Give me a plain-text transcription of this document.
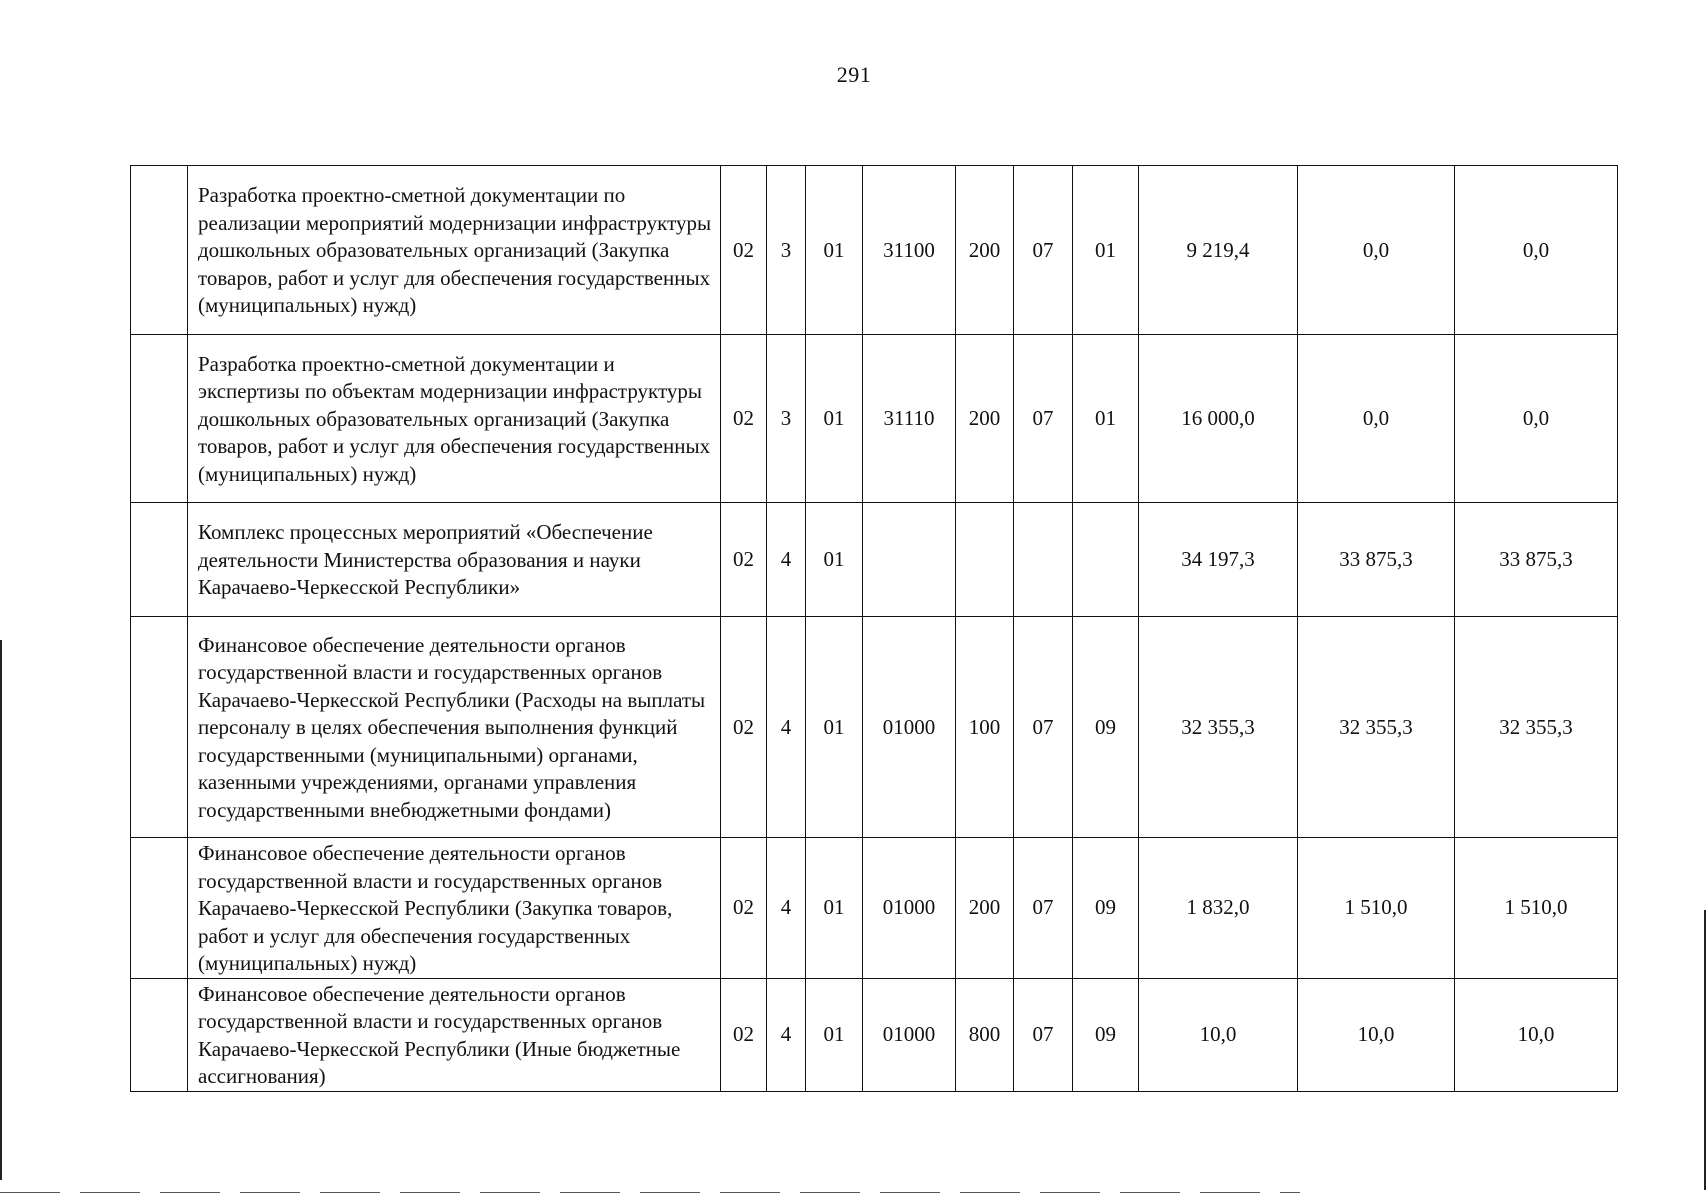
291
	Разработка проектно-сметной документации по реализации мероприятий модернизации инфраструктуры дошкольных образовательных организаций (Закупка товаров, работ и услуг для обеспечения государственных (муниципальных) нужд)	02	3	01	31100	200	07	01	9 219,4	0,0	0,0
	Разработка проектно-сметной документации и экспертизы по объектам модернизации инфраструктуры дошкольных образовательных организаций (Закупка товаров, работ и услуг для обеспечения государственных (муниципальных) нужд)	02	3	01	31110	200	07	01	16 000,0	0,0	0,0
	Комплекс процессных мероприятий «Обеспечение деятельности Министерства образования и науки Карачаево-Черкесской Республики»	02	4	01					34 197,3	33 875,3	33 875,3
	Финансовое обеспечение деятельности органов государственной власти и государственных органов Карачаево-Черкесской Республики (Расходы на выплаты персоналу в целях обеспечения выполнения функций государственными (муниципальными) органами, казенными учреждениями, органами управления государственными внебюджетными фондами)	02	4	01	01000	100	07	09	32 355,3	32 355,3	32 355,3
	Финансовое обеспечение деятельности органов государственной власти и государственных органов Карачаево-Черкесской Республики (Закупка товаров, работ и услуг для обеспечения государственных (муниципальных) нужд)	02	4	01	01000	200	07	09	1 832,0	1 510,0	1 510,0
	Финансовое обеспечение деятельности органов государственной власти и государственных органов Карачаево-Черкесской Республики (Иные бюджетные ассигнования)	02	4	01	01000	800	07	09	10,0	10,0	10,0
